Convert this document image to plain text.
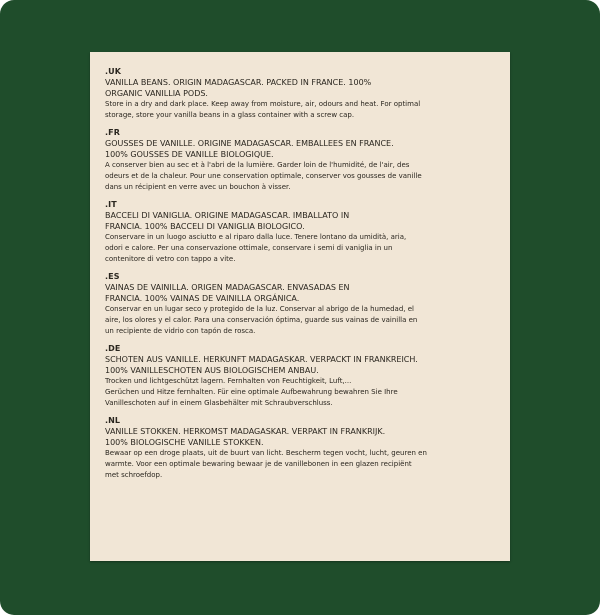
.UK

VANILLA BEANS. ORIGIN MADAGASCAR. PACKED IN FRANCE. 100%
ORGANIC VANILLIA PODS.

Store in a dry and dark place. Keep away from moisture, air, odours and heat. For optimal
storage, store your vanilla beans in a glass container with a screw cap.

.FR

GOUSSES DE VANILLE. ORIGINE MADAGASCAR. EMBALLEES EN FRANCE.
100% GOUSSES DE VANILLE BIOLOGIQUE.

A conserver bien au sec et à l'abri de la lumière. Garder loin de l'humidité, de l'air, des
odeurs et de la chaleur. Pour une conservation optimale, conserver vos gousses de vanille
dans un récipient en verre avec un bouchon à visser.

.IT

BACCELI DI VANIGLIA. ORIGINE MADAGASCAR. IMBALLATO IN
FRANCIA. 100% BACCELI DI VANIGLIA BIOLOGICO.

Conservare in un luogo asciutto e al riparo dalla luce. Tenere lontano da umidità, aria,
odori e calore. Per una conservazione ottimale, conservare i semi di vaniglia in un
contenitore di vetro con tappo a vite.

.ES

VAINAS DE VAINILLA. ORIGEN MADAGASCAR. ENVASADAS EN
FRANCIA. 100% VAINAS DE VAINILLA ORGÁNICA.

Conservar en un lugar seco y protegido de la luz. Conservar al abrigo de la humedad, el
aire, los olores y el calor. Para una conservación óptima, guarde sus vainas de vainilla en
un recipiente de vidrio con tapón de rosca.

.DE

SCHOTEN AUS VANILLE. HERKUNFT MADAGASKAR. VERPACKT IN FRANKREICH.
100% VANILLESCHOTEN AUS BIOLOGISCHEM ANBAU.

Trocken und lichtgeschützt lagern. Fernhalten von Feuchtigkeit, Luft,...
Gerüchen und Hitze fernhalten. Für eine optimale Aufbewahrung bewahren Sie Ihre
Vanilleschoten auf in einem Glasbehälter mit Schraubverschluss.

.NL

VANILLE STOKKEN. HERKOMST MADAGASKAR. VERPAKT IN FRANKRIJK.
100% BIOLOGISCHE VANILLE STOKKEN.

Bewaar op een droge plaats, uit de buurt van licht. Bescherm tegen vocht, lucht, geuren en
warmte. Voor een optimale bewaring bewaar je de vanillebonen in een glazen recipiënt
met schroefdop.
